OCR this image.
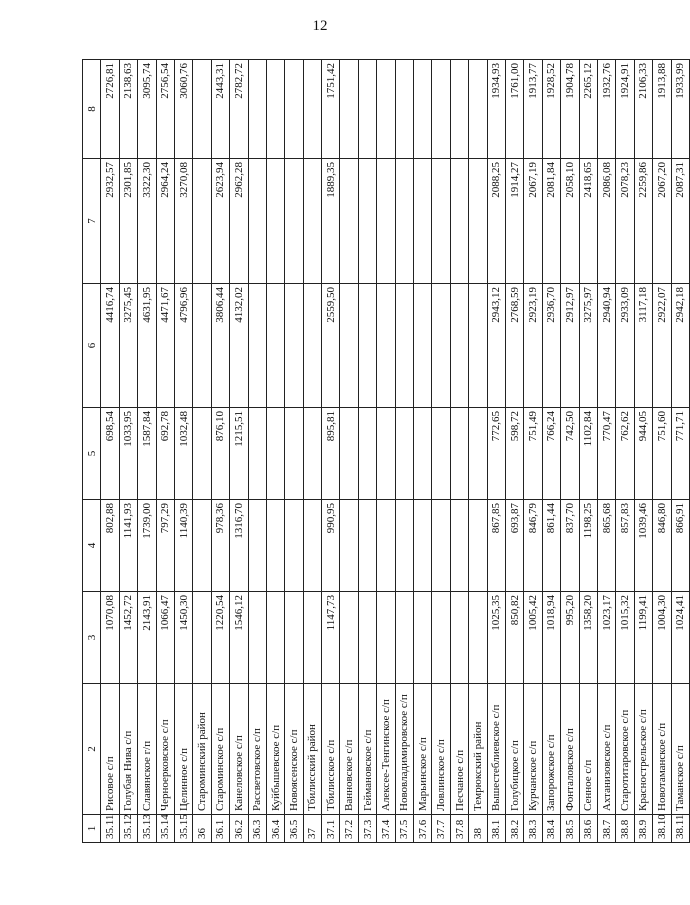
12
1	2	3	4	5	6	7	8
35.11	Рисовое с/п	1070,08	802,88	698,54	4416,74	2932,57	2726,81
35.12	Голубая Нива с/п	1452,72	1141,93	1033,95	3275,45	2301,85	2138,63
35.13	Славянское г/п	2143,91	1739,00	1587,84	4631,95	3322,30	3095,74
35.14	Черноерковское с/п	1066,47	797,29	692,78	4471,67	2964,24	2756,54
35.15	Целинное с/п	1450,30	1140,39	1032,48	4796,96	3270,08	3060,76
36	Староминский район						
36.1	Староминское с/п	1220,54	978,36	876,10	3806,44	2623,94	2443,31
36.2	Канеловское с/п	1546,12	1316,70	1215,51	4132,02	2962,28	2782,72
36.3	Рассветовское с/п						
36.4	Куйбышевское с/п						
36.5	Новоясенское с/п						
37	Тбилисский район						
37.1	Тбилисское с/п	1147,73	990,95	895,81	2559,50	1889,35	1751,42
37.2	Ванновское с/п						
37.3	Геймановское с/п						
37.4	Алексее-Тенгинское с/п						
37.5	Нововладимировское с/п						
37.6	Марьинское с/п						
37.7	Ловлинское с/п						
37.8	Песчаное с/п						
38	Темрюкский район						
38.1	Вышестеблиевское с/п	1025,35	867,85	772,65	2943,12	2088,25	1934,93
38.2	Голубицкое с/п	850,82	693,87	598,72	2768,59	1914,27	1761,00
38.3	Курчанское с/п	1005,42	846,79	751,49	2923,19	2067,19	1913,77
38.4	Запорожское с/п	1018,94	861,44	766,24	2936,70	2081,84	1928,52
38.5	Фонталовское с/п	995,20	837,70	742,50	2912,97	2058,10	1904,78
38.6	Сенное с/п	1358,20	1198,25	1102,84	3275,97	2418,65	2265,12
38.7	Ахтанизовское с/п	1023,17	865,68	770,47	2940,94	2086,08	1932,76
38.8	Старотитаровское с/п	1015,32	857,83	762,62	2933,09	2078,23	1924,91
38.9	Краснострельское с/п	1199,41	1039,46	944,05	3117,18	2259,86	2106,33
38.10	Новотаманское с/п	1004,30	846,80	751,60	2922,07	2067,20	1913,88
38.11	Таманское с/п	1024,41	866,91	771,71	2942,18	2087,31	1933,99
